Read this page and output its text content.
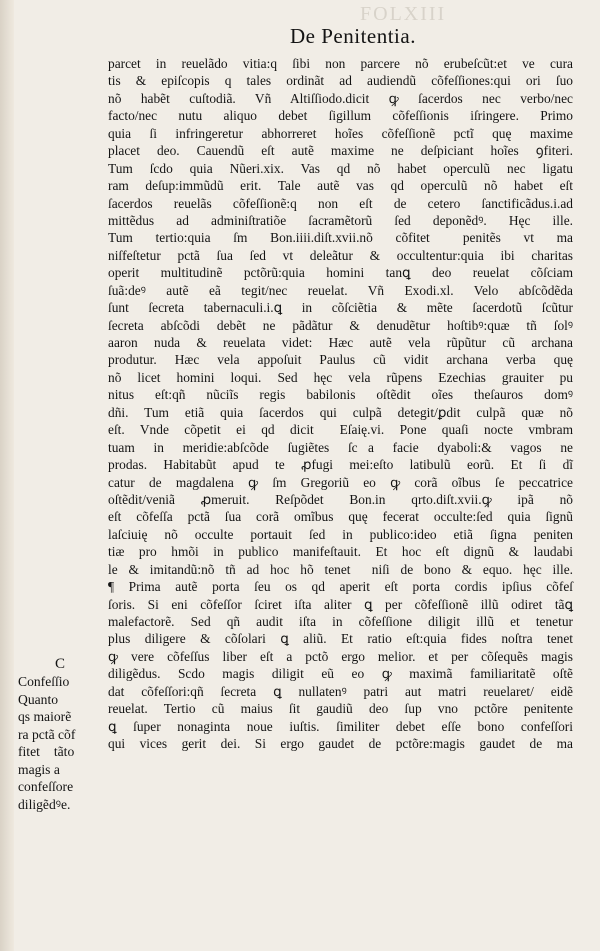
FOLXIII
De Penitentia.
parcet in reuelãdo vitia:q ſibi non parcere nõ erubeſcũt:et ve cura
tis & epiſcopis q tales ordinãt ad audiendũ cõfeſſiones:qui ori ſuo
nõ habẽt cuſtodiã. Vñ Altiſſiodo.dicit ꝙ ſacerdos nec verbo/nec
facto/nec nutu aliquo debet ſigillum cõfeſſionis iſringere. Primo
quia ſi infringeretur abhorreret hoĩes cõfeſſionẽ pctĩ quę maxime
placet deo. Cauendũ eſt autẽ maxime ne deſpiciant hoĩes ꝯfiteri.
Tum ſcdo quia Nũeri.xix. Vas qd nõ habet operculũ nec ligatu
ram deſup:immũdũ erit. Tale autẽ vas qd operculũ nõ habet eſt
ſacerdos reuelãs cõfeſſionẽ:q non eſt de cetero ſanctificãdus.i.ad
mittẽdus ad adminiſtratiõe ſacramẽtorũ ſed deponẽdꝰ. Hęc ille.
Tum tertio:quia ſm Bon.iiii.diſt.xvii.nõ cõfitetᷣ penitẽs vt ma
niſfeſtetur pctã ſua ſed vt deleãtur & occultentur:quia ibi charitas
operit multitudinẽ pctõrũ:quia homini tanꝗ deo reuelat cõſciam
ſuã:deꝰ autẽ eã tegit/nec reuelat. Vñ Exodi.xl. Velo abſcõdẽda
ſunt ſecreta tabernaculi.i.ꝗ in cõſciẽtia & mẽte ſacerdotũ ſcũtur
ſecreta abſcõdi debẽt ne pãdãtur & denudẽtur hoſtibꝰ:quæ tñ ſolꝰ
aaron nuda & reuelata videt: Hæc autẽ vela rũpũtur cũ archana
produtur. Hæc vela appoſuit Paulus cũ vidit archana verba quę
nõ licet homini loqui. Sed hęc vela rũpens Ezechias grauiter pu
nitus eſt:qñ nũciĩs regis babilonis oſtẽdit oĩes theſauros domꝰ
dñi. Tum etiã quia ſacerdos qui culpã detegit/ꝑdit culpã quæ nõ
eſt. Vnde cõpetit ei qd dicitᷣ Eſaię.vi. Pone quaſi nocte vmbram
tuam in meridie:abſcõde ſugiẽtes ſcᷓa facie dyaboli:& vagos ne
prodas. Habitabũt apud te ꝓfugi mei:eſto latibulũ eorũ. Et ſi dĩ
catur de magdalena ꝙ ſm Gregoriũ eo ꝙ corã oĩbus ſe peccatrice
oſtẽdit/veniã ꝓmeruit. Reſpõdet Bon.in qrto.diſt.xvii.ꝙ ipã nõ
eſt cõfeſſa pctã ſua corã omĩbus quę fecerat occulte:ſed quia ſignũ
laſciuię nõ occulte portauit ſed in publico:ideo etiã ſigna peniten
tiæ pro hmõi in publico manifeſtauit. Et hoc eſt dignũ & laudabi
le & imitandũ:nõ tñ ad hoc hõ tenetᷣ niſi de bono & equo. hęc ille.
¶ Prima autẽ porta ſeu os qd aperit eſt porta cordis ipſius cõfeſ
ſoris. Si eni cõfeſſor ſciret iſta aliter ꝗ per cõfeſſionẽ illũ odiret tãꝗ
malefactorẽ. Sed qñ audit iſta in cõfeſſione diligit illũ et tenetur
plus diligere & cõſolari ꝗ aliũ. Et ratio eſt:quia fides noſtra tenet
ꝙ vere cõfeſſus liber eſt a pctõ ergo melior. et per cõſequẽs magis
diligẽdus. Scdo magis diligit eũ eo ꝙ maximã familiaritatẽ oſtẽ
dat cõfeſſori:qñ ſecreta ꝗ nullatenꝰ patri aut matri reuelaret/ eidẽ
reuelat. Tertio cũ maius ſit gaudiũ deo ſup vno pctõre penitente
ꝗ ſuper nonaginta noue iuſtis. ſimiliter debet eſſe bono confeſſori
qui vices gerit dei. Si ergo gaudet de pctõre:magis gaudet de ma
C
Confeſſio
Quanto
qs maiorẽ
ra pctã cõf
fitetᷣ tãto
magis a
confeſſore
diligẽdꝰe.
